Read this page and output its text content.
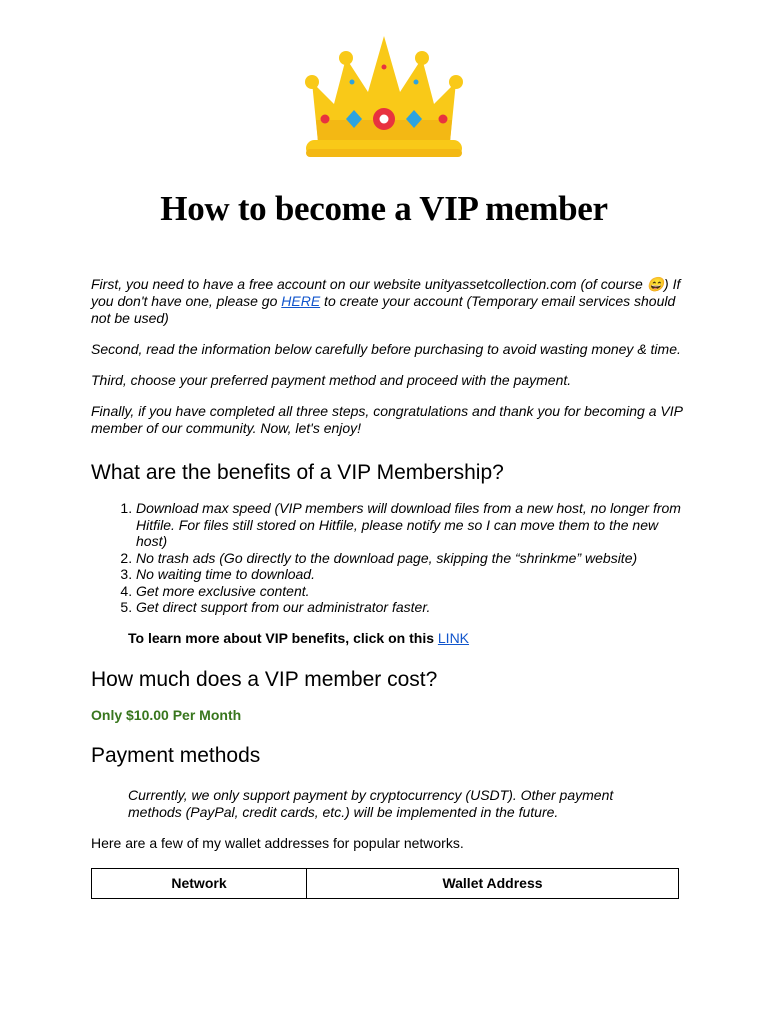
How to become a VIP member

First, you need to have a free account on our website unityassetcollection.com (of course 😄) If you don't have one, please go HERE to create your account (Temporary email services should not be used)

Second, read the information below carefully before purchasing to avoid wasting money & time.

Third, choose your preferred payment method and proceed with the payment.

Finally, if you have completed all three steps, congratulations and thank you for becoming a VIP member of our community. Now, let's enjoy!

What are the benefits of a VIP Membership?
1. Download max speed (VIP members will download files from a new host, no longer from Hitfile. For files still stored on Hitfile, please notify me so I can move them to the new host)
2. No trash ads (Go directly to the download page, skipping the “shrinkme” website)
3. No waiting time to download.
4. Get more exclusive content.
5. Get direct support from our administrator faster.

To learn more about VIP benefits, click on this LINK

How much does a VIP member cost?

Only $10.00 Per Month

Payment methods

Currently, we only support payment by cryptocurrency (USDT). Other payment methods (PayPal, credit cards, etc.) will be implemented in the future.

Here are a few of my wallet addresses for popular networks.

Network	Wallet Address
